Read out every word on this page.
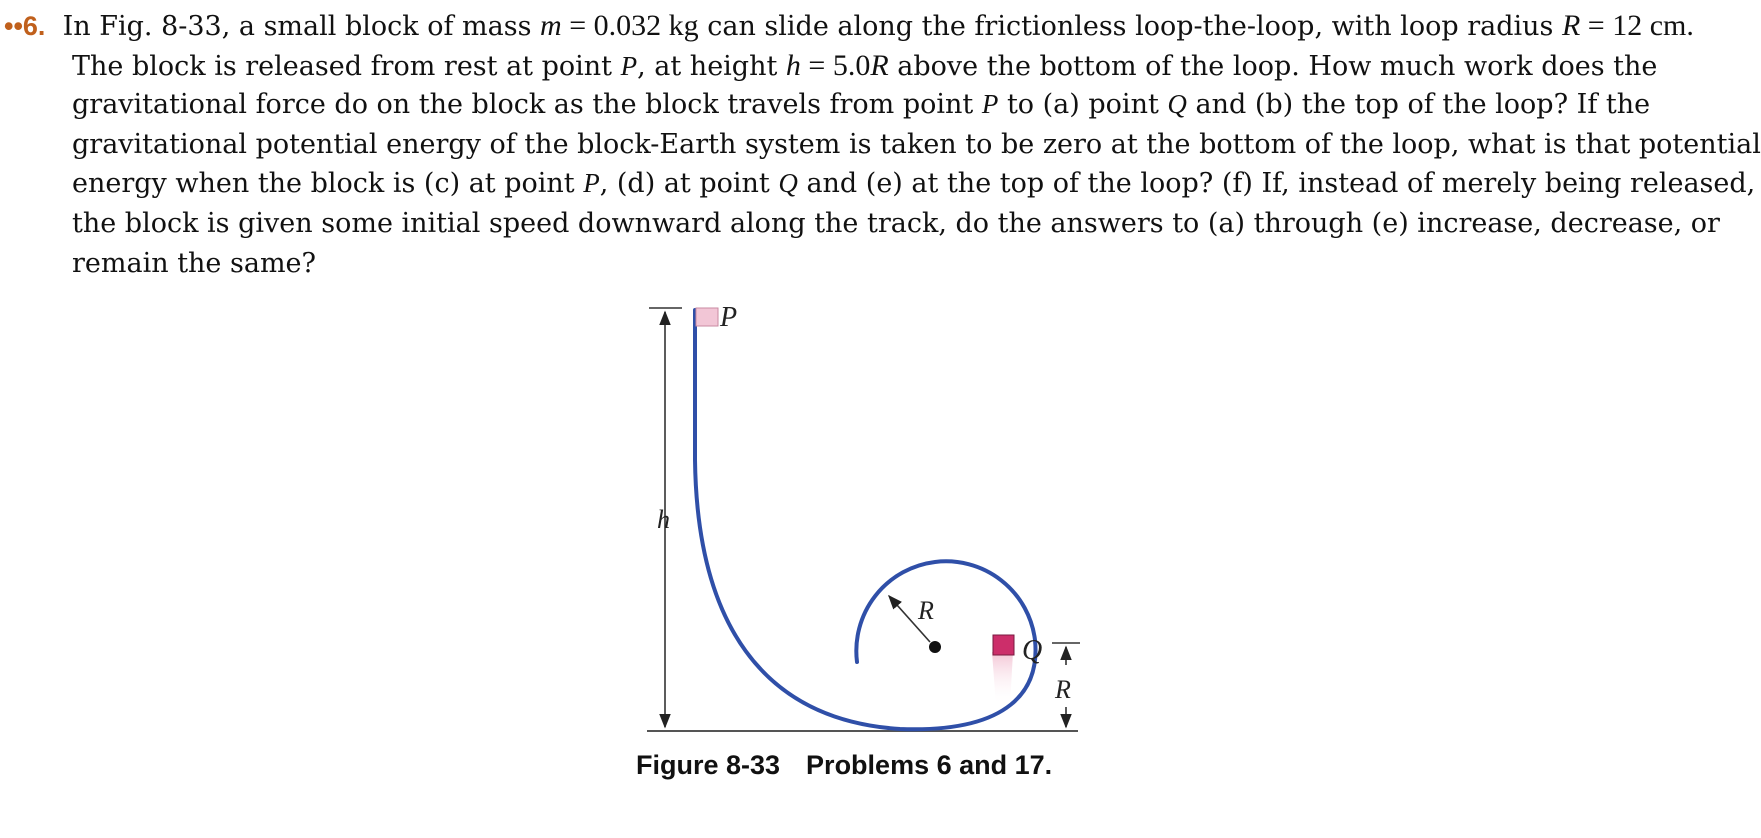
••6. In Fig. 8-33, a small block of mass m = 0.032 kg can slide along the frictionless loop-the-loop, with loop radius R = 12 cm.
The block is released from rest at point P, at height h = 5.0R above the bottom of the loop. How much work does the
gravitational force do on the block as the block travels from point P to (a) point Q and (b) the top of the loop? If the
gravitational potential energy of the block-Earth system is taken to be zero at the bottom of the loop, what is that potential
energy when the block is (c) at point P, (d) at point Q and (e) at the top of the loop? (f) If, instead of merely being released,
the block is given some initial speed downward along the track, do the answers to (a) through (e) increase, decrease, or
remain the same?
h
P
R
Q
R
Figure 8-33 Problems 6 and 17.
